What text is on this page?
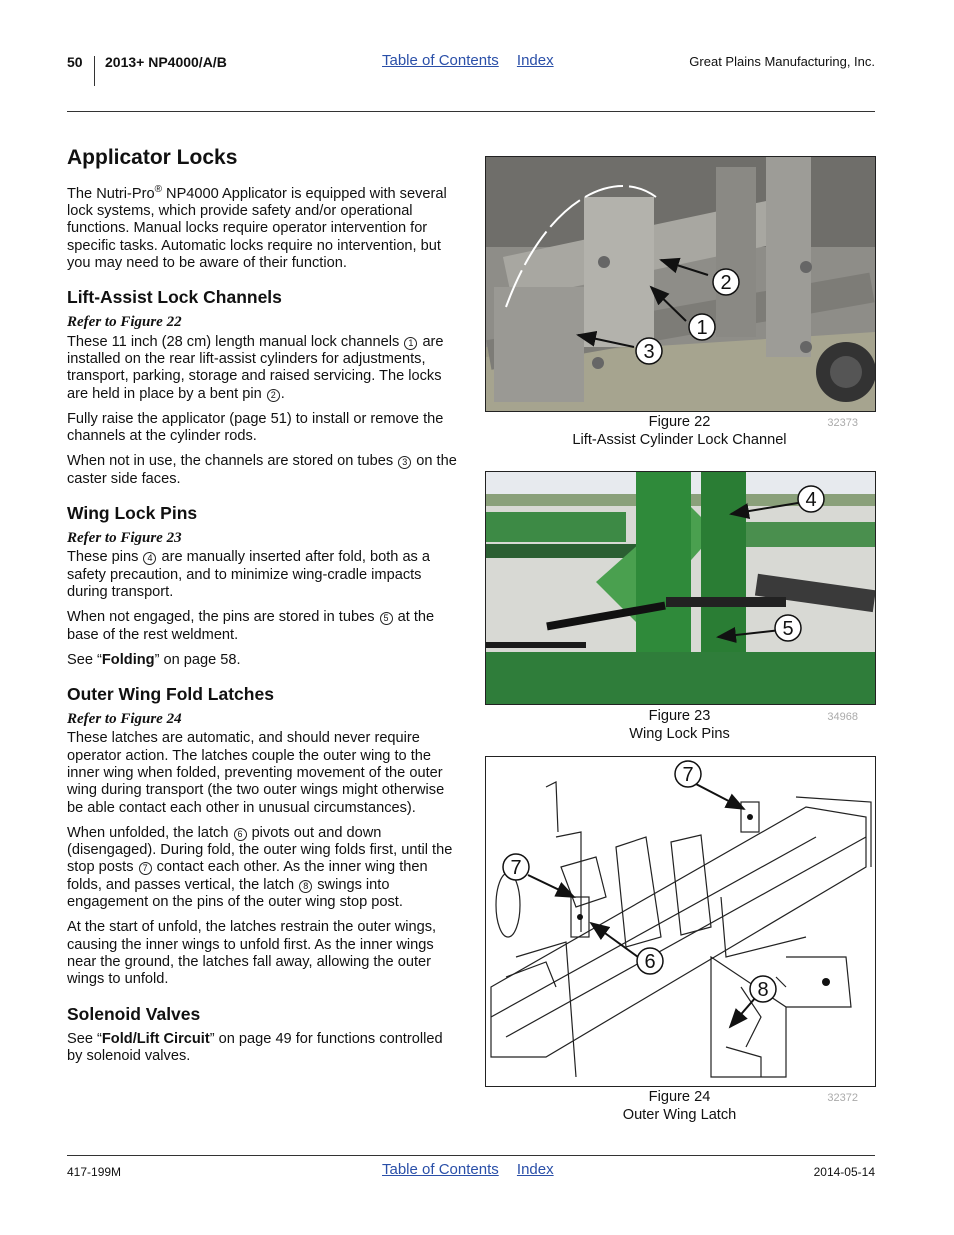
50 2013+ NP4000/A/B	Table of Contents Index	Great Plains Manufacturing, Inc.
Applicator Locks

The Nutri-Pro® NP4000 Applicator is equipped with several lock systems, which provide safety and/or operational functions. Manual locks require operator intervention for specific tasks. Automatic locks require no intervention, but you may need to be aware of their function.

Lift-Assist Lock Channels

Refer to Figure 22

These 11 inch (28 cm) length manual lock channels 1 are installed on the rear lift-assist cylinders for adjustments, transport, parking, storage and raised servicing. The locks are held in place by a bent pin 2 .

Fully raise the applicator (page 51) to install or remove the channels at the cylinder rods.

When not in use, the channels are stored on tubes 3 on the caster side faces.

Wing Lock Pins

Refer to Figure 23

These pins 4 are manually inserted after fold, both as a safety precaution, and to minimize wing-cradle impacts during transport.

When not engaged, the pins are stored in tubes 5 at the base of the rest weldment.

See “Folding” on page 58.

Outer Wing Fold Latches

Refer to Figure 24

These latches are automatic, and should never require operator action. The latches couple the outer wing to the inner wing when folded, preventing movement of the outer wing during transport (the two outer wings might otherwise be able contact each other in unusual circumstances).

When unfolded, the latch 6 pivots out and down (disengaged). During fold, the outer wing folds first, until the stop posts 7 contact each other. As the inner wing then folds, and passes vertical, the latch 8 swings into engagement on the pins of the outer wing stop post.

At the start of unfold, the latches restrain the outer wings, causing the inner wings to unfold first. As the inner wings near the ground, the latches fall away, allowing the outer wings to unfold.

Solenoid Valves

See “Fold/Lift Circuit” on page 49 for functions controlled by solenoid valves.

2
1
3
Figure 22
Lift-Assist Cylinder Lock Channel
32373
4
5
Figure 23
Wing Lock Pins
34968
7
7
6
8
Figure 24
Outer Wing Latch
32372
417-199M	Table of Contents Index	2014-05-14
